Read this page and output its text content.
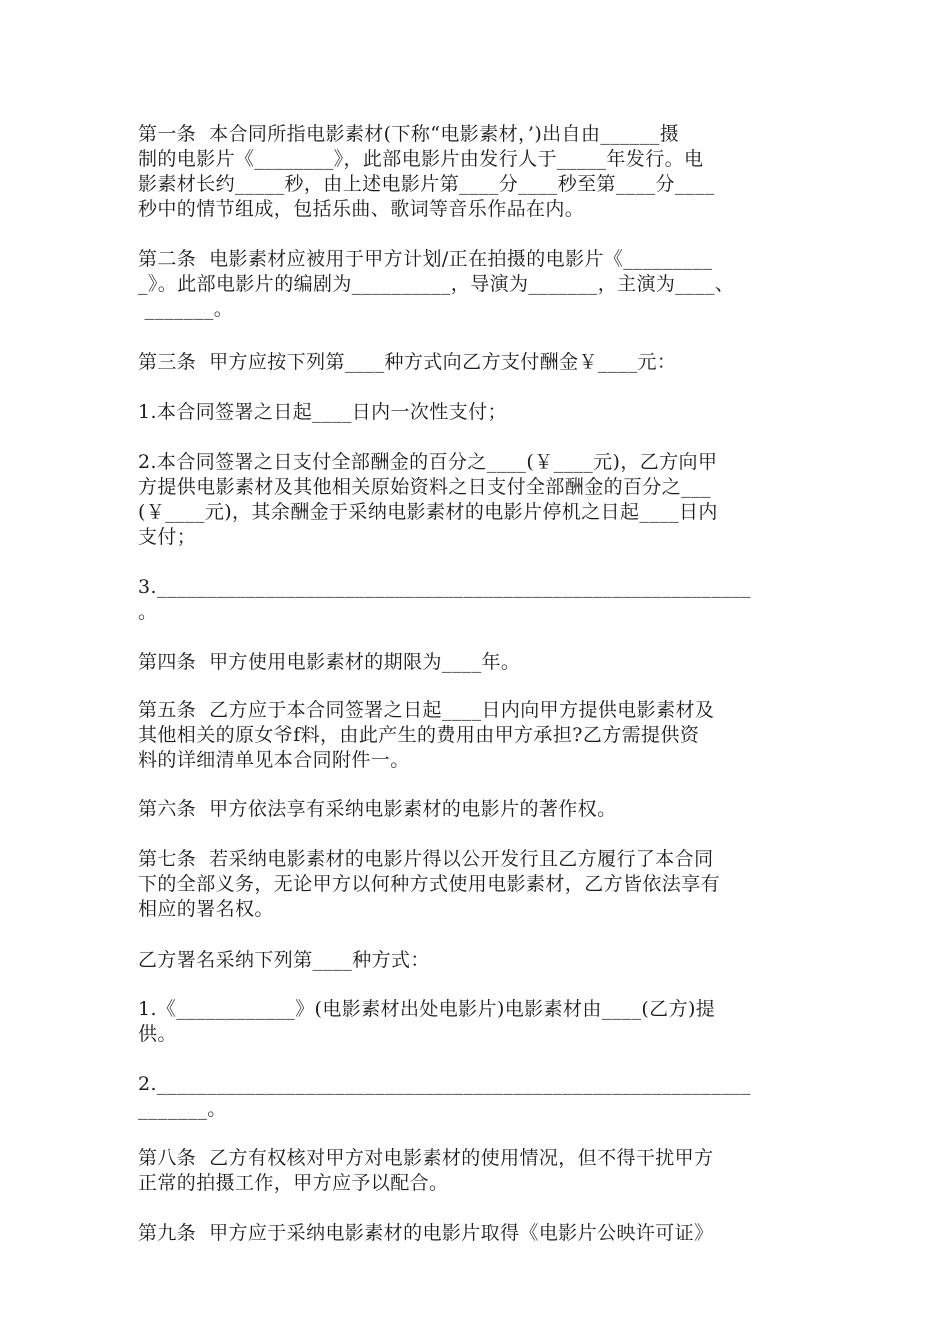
第一条  本合同所指电影素材(下称“电影素材，’)出自由______摄
制的电影片《________》，此部电影片由发行人于_____年发行。电
影素材长约_____秒，由上述电影片第____分____秒至第____分____
秒中的情节组成，包括乐曲、歌词等音乐作品在内。
第二条  电影素材应被用于甲方计划/正在拍摄的电影片《_________
_》。此部电影片的编剧为__________，导演为_______，主演为____、
_______。
第三条  甲方应按下列第____种方式向乙方支付酬金￥____元：
1.本合同签署之日起____日内一次性支付；
2.本合同签署之日支付全部酬金的百分之____(￥____元)，乙方向甲
方提供电影素材及其他相关原始资料之日支付全部酬金的百分之___
(￥____元)，其余酬金于采纳电影素材的电影片停机之日起____日内
支付；
3.____________________________________________________________
。
第四条  甲方使用电影素材的期限为____年。
第五条  乙方应于本合同签署之日起____日内向甲方提供电影素材及
其他相关的原女爷f料，由此产生的费用由甲方承担?乙方需提供资
料的详细清单见本合同附件一。
第六条  甲方依法享有采纳电影素材的电影片的著作权。
第七条  若采纳电影素材的电影片得以公开发行且乙方履行了本合同
下的全部义务，无论甲方以何种方式使用电影素材，乙方皆依法享有
相应的署名权。
乙方署名采纳下列第____种方式：
1.《____________》(电影素材出处电影片)电影素材由____(乙方)提
供。
2.____________________________________________________________
_______。
第八条  乙方有权核对甲方对电影素材的使用情况，但不得干扰甲方
正常的拍摄工作，甲方应予以配合。
第九条  甲方应于采纳电影素材的电影片取得《电影片公映许可证》
